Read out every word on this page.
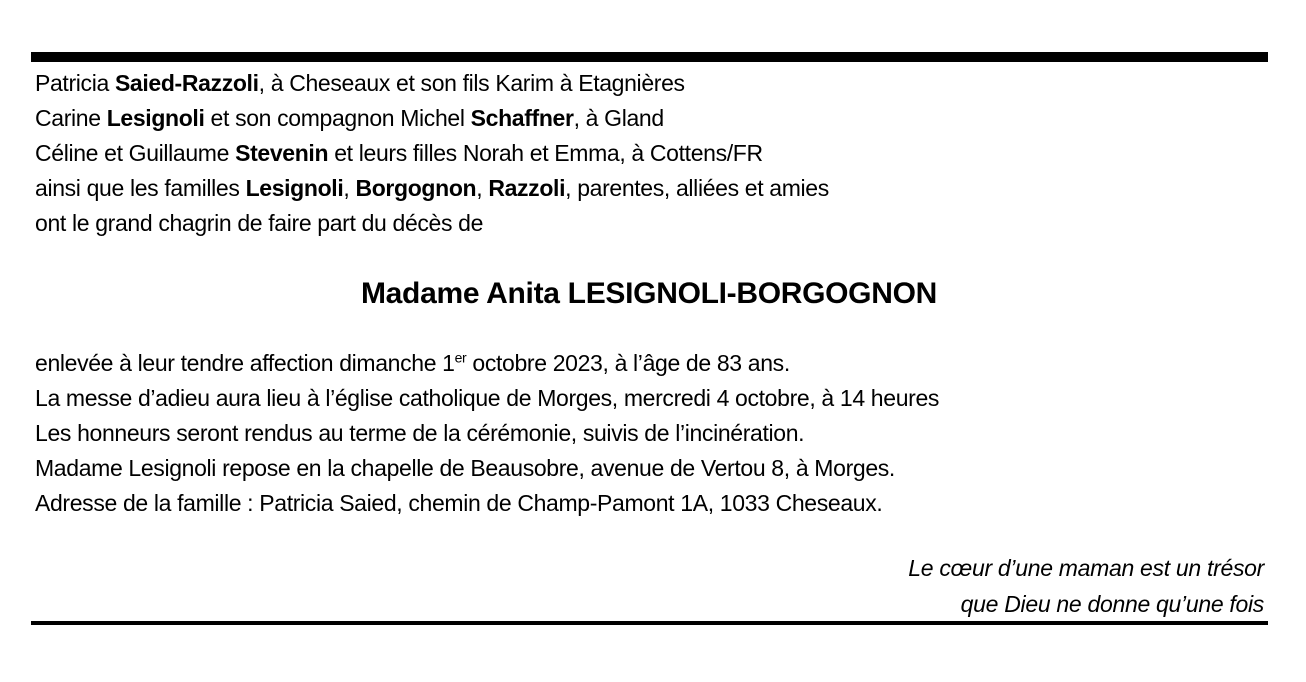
Patricia Saied-Razzoli, à Cheseaux et son fils Karim à Etagnières
Carine Lesignoli et son compagnon Michel Schaffner, à Gland
Céline et Guillaume Stevenin et leurs filles Norah et Emma, à Cottens/FR
ainsi que les familles Lesignoli, Borgognon, Razzoli, parentes, alliées et amies
ont le grand chagrin de faire part du décès de
Madame Anita LESIGNOLI-BORGOGNON
enlevée à leur tendre affection dimanche 1er octobre 2023, à l’âge de 83 ans.
La messe d’adieu aura lieu à l’église catholique de Morges, mercredi 4 octobre, à 14 heures
Les honneurs seront rendus au terme de la cérémonie, suivis de l’incinération.
Madame Lesignoli repose en la chapelle de Beausobre, avenue de Vertou 8, à Morges.
Adresse de la famille : Patricia Saied, chemin de Champ-Pamont 1A, 1033 Cheseaux.
Le cœur d’une maman est un trésor
que Dieu ne donne qu’une fois
